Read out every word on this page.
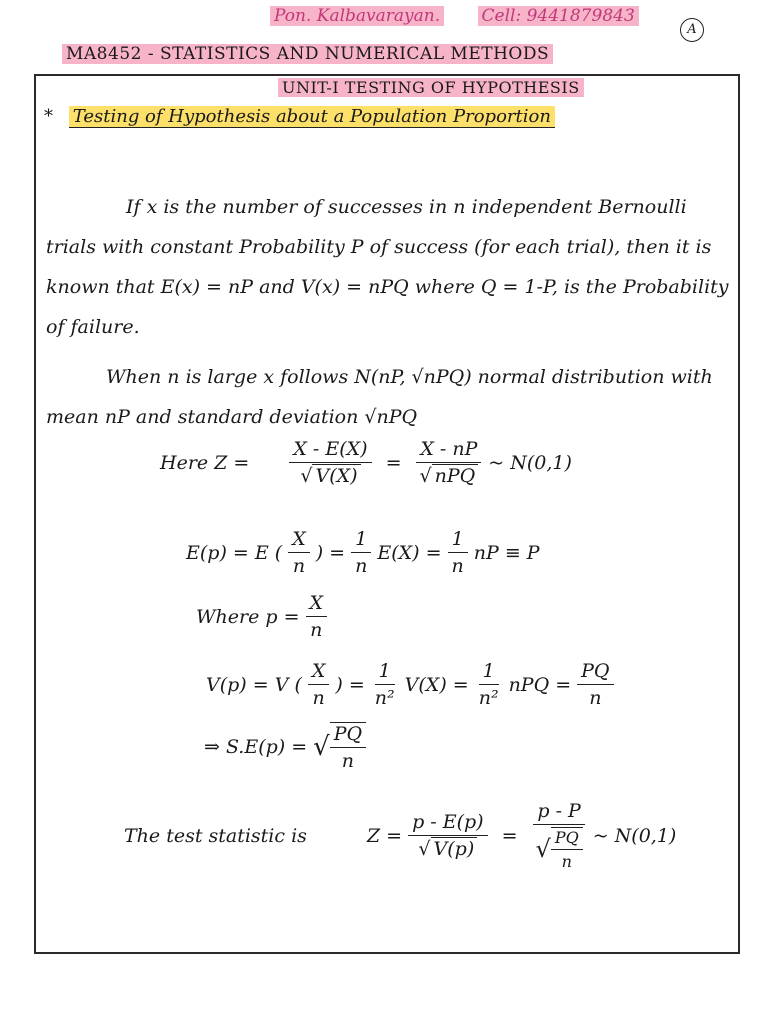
Pon. Kalbavarayan. Cell: 9441879843
A
MA8452 - STATISTICS AND NUMERICAL METHODS
UNIT-I TESTING OF HYPOTHESIS
* Testing of Hypothesis about a Population Proportion

If x is the number of successes in n independent Bernoulli trials with constant Probability P of success (for each trial), then it is known that E(x) = nP and V(x) = nPQ where Q = 1-P, is the Probability of failure.

When n is large x follows N(nP, √nPQ) normal distribution with mean nP and standard deviation √nPQ

Here $Z = \frac{X - E(X)}{√ V(X)} = \frac{X - nP}{\text{√ nPQ}}$ ~ N(0,1)
E(p) = E ( $\frac{X}{n}$ ) = $\frac{1}{n} E(X) = \frac{1}{n}$ nP ≡ P
Where $p = \frac{X}{n}$
V(p) = V ( $\frac{X}{n}$ ) = $\frac{1}{\text{n²}} V(X) = \frac{1}{\text{n²}}$ nPQ = $\frac{PQ}{n}$
⇒ S.E(p) = √ $\frac{PQ}{n}$
The test statistic is	$Z = \frac{p - E(p)}{√ V(p)} = \frac{p - P}{√ \frac{PQ}{n}}$ ~ N(0,1)
